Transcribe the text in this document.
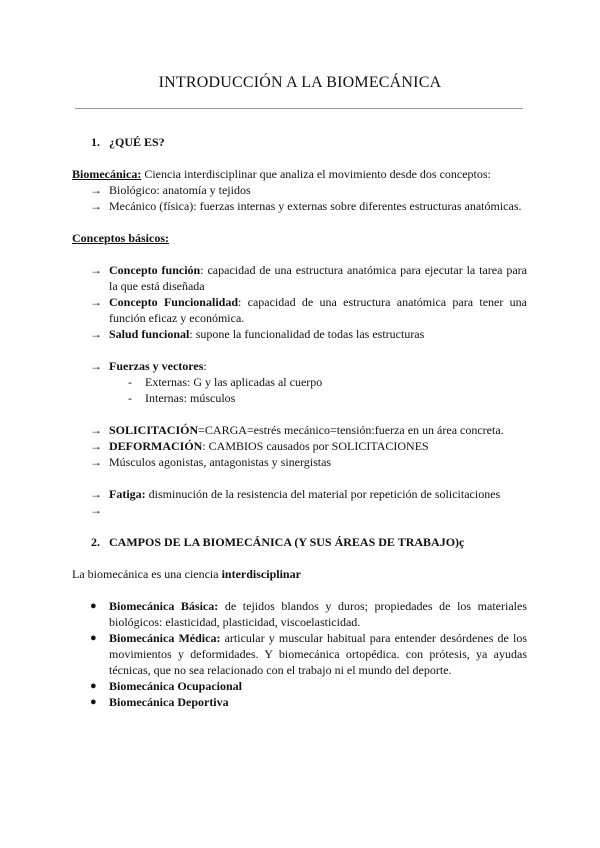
INTRODUCCIÓN A LA BIOMECÁNICA
1. ¿QUÉ ES?
Biomecánica: Ciencia interdisciplinar que analiza el movimiento desde dos conceptos:
→ Biológico: anatomía y tejidos
→ Mecánico (física): fuerzas internas y externas sobre diferentes estructuras anatómicas.
Conceptos básicos:
→ Concepto función: capacidad de una estructura anatómica para ejecutar la tarea para la que está diseñada
→ Concepto Funcionalidad: capacidad de una estructura anatómica para tener una función eficaz y económica.
→ Salud funcional: supone la funcionalidad de todas las estructuras
→ Fuerzas y vectores:
- Externas: G y las aplicadas al cuerpo
- Internas: músculos
→ SOLICITACIÓN=CARGA=estrés mecánico=tensión:fuerza en un área concreta.
→ DEFORMACIÓN: CAMBIOS causados por SOLICITACIONES
→ Músculos agonistas, antagonistas y sinergistas
→ Fatiga: disminución de la resistencia del material por repetición de solicitaciones
→
2. CAMPOS DE LA BIOMECÁNICA (Y SUS ÁREAS DE TRABAJO)ç
La biomecánica es una ciencia interdisciplinar
● Biomecánica Básica: de tejidos blandos y duros; propiedades de los materiales biológicos: elasticidad, plasticidad, viscoelasticidad.
● Biomecánica Médica: articular y muscular habitual para entender desórdenes de los movimientos y deformidades. Y biomecánica ortopédica. con prótesis, ya ayudas técnicas, que no sea relacionado con el trabajo ni el mundo del deporte.
● Biomecánica Ocupacional
● Biomecánica Deportiva
